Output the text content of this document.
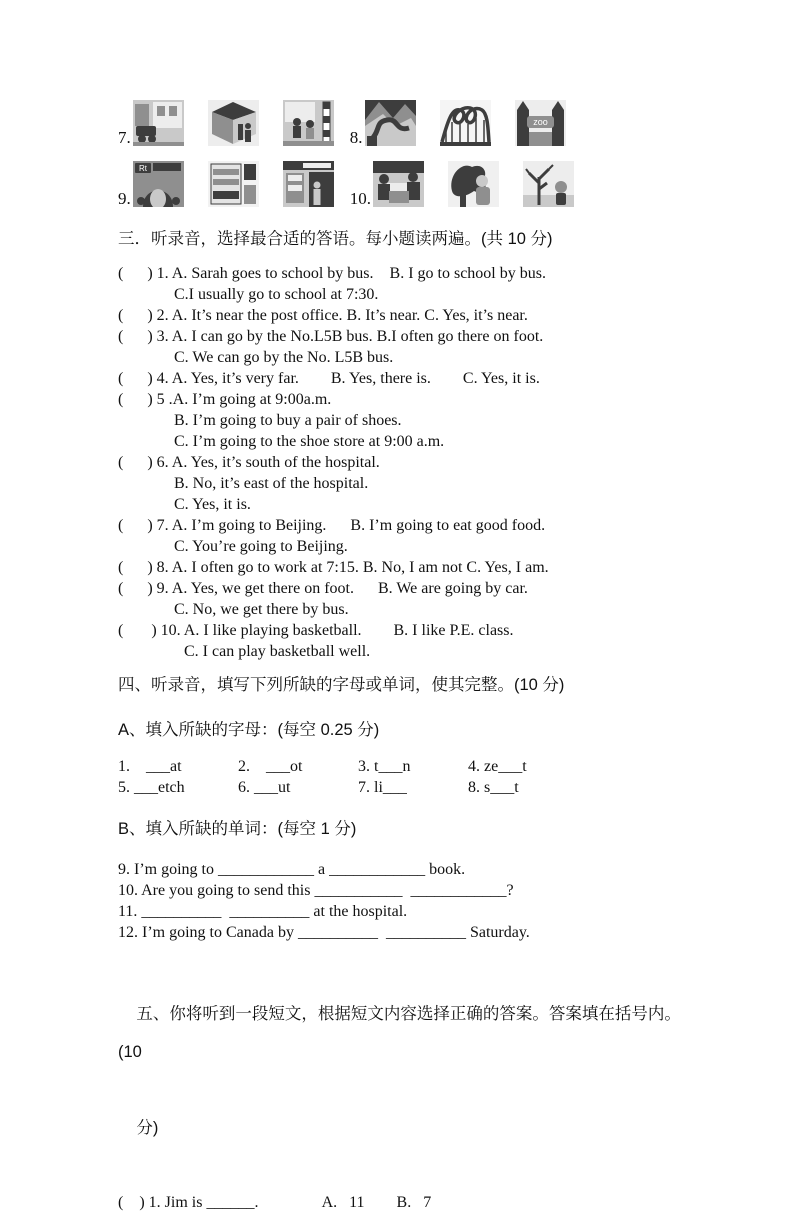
7.	8.
zoo
9.
Rt
10.

三．听录音，选择最合适的答语。每小题读两遍。(共 10 分)

(      ) 1. A. Sarah goes to school by bus.    B. I go to school by bus.

C.I usually go to school at 7:30.

(      ) 2. A. It’s near the post office. B. It’s near. C. Yes, it’s near.

(      ) 3. A. I can go by the No.L5B bus. B.I often go there on foot.

C. We can go by the No. L5B bus.

(      ) 4. A. Yes, it’s very far.        B. Yes, there is.        C. Yes, it is.

(      ) 5 .A. I’m going at 9:00a.m.

B. I’m going to buy a pair of shoes.

C. I’m going to the shoe store at 9:00 a.m.

(      ) 6. A. Yes, it’s south of the hospital.

B. No, it’s east of the hospital.

C. Yes, it is.

(      ) 7. A. I’m going to Beijing.      B. I’m going to eat good food.

C. You’re going to Beijing.

(      ) 8. A. I often go to work at 7:15. B. No, I am not C. Yes, I am.

(      ) 9. A. Yes, we get there on foot.      B. We are going by car.

C. No, we get there by bus.

(       ) 10. A. I like playing basketball.        B. I like P.E. class.

C. I can play basketball well.

四、听录音，填写下列所缺的字母或单词，使其完整。(10 分)

A、填入所缺的字母：(每空 0.25 分)

1.    ___at	2.    ___ot	3. t___n	4. ze___t
5. ___etch	6. ___ut	7. li___	8. s___t

B、填入所缺的单词：(每空 1 分)

9. I’m going to ____________ a ____________ book.

10. Are you going to send this ___________  ____________?

11. __________  __________ at the hospital.

12. I’m going to Canada by __________  __________ Saturday.

五、你将听到一段短文，根据短文内容选择正确的答案。答案填在括号内。(10

分)

(    ) 1. Jim is ______.                A.   11        B.   7
